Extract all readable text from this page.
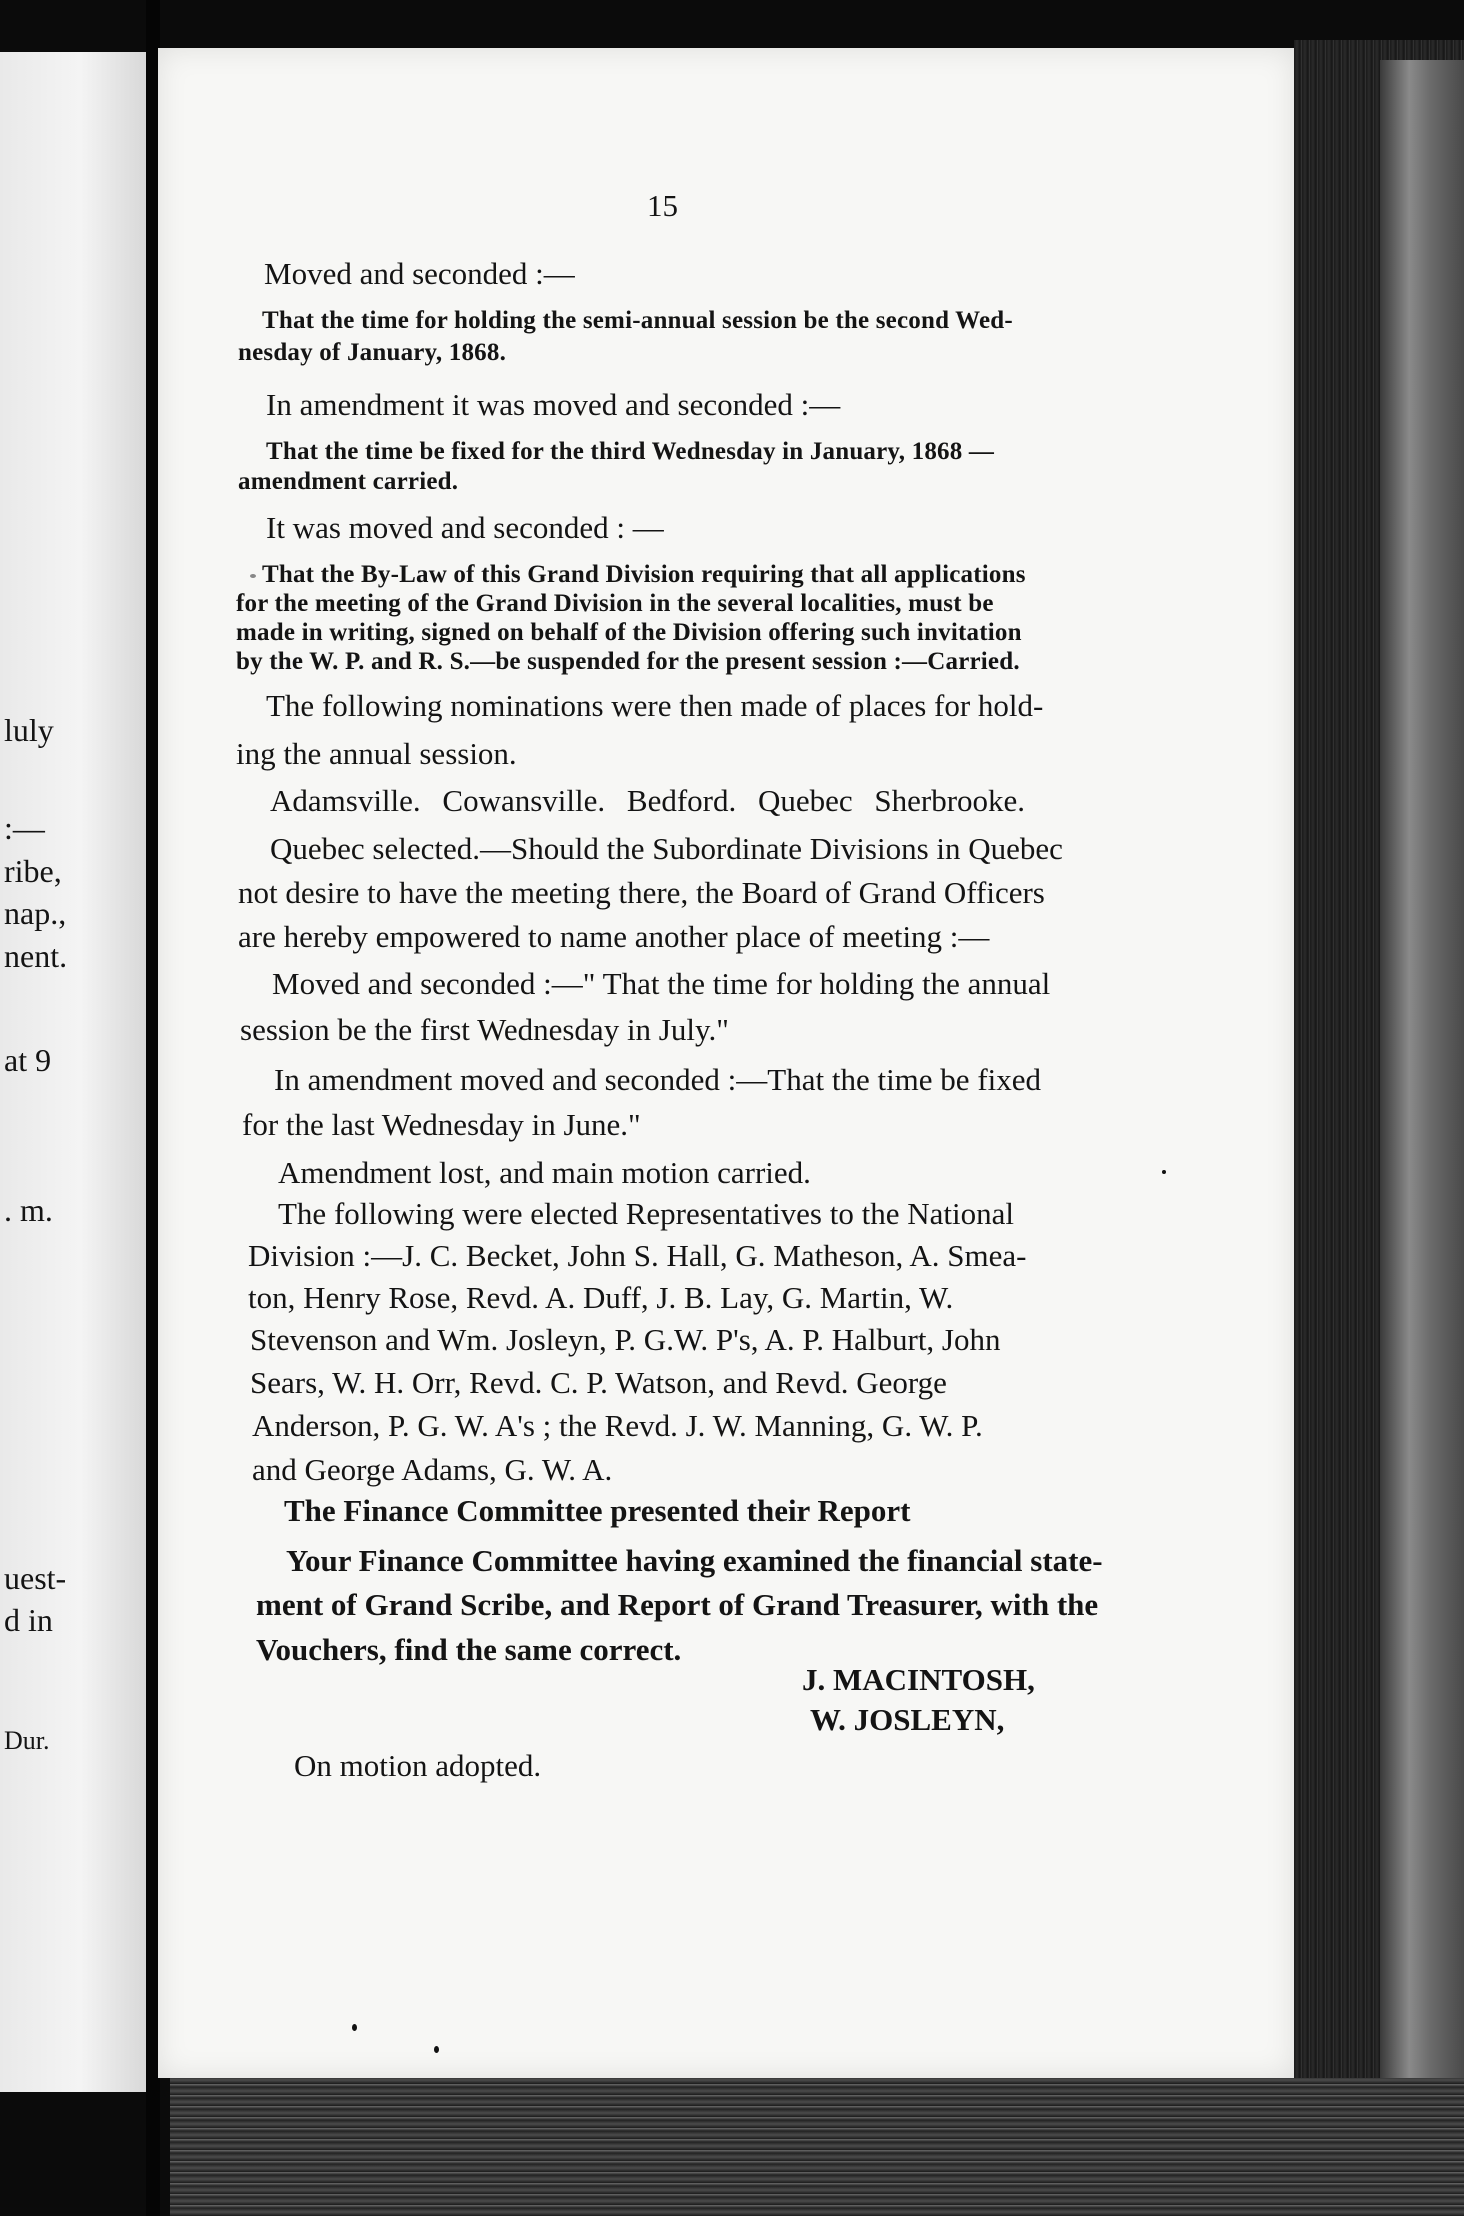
luly
:—
ribe,
nap.,
nent.
at 9
. m.
uest-
d in
Dur.
15
Moved and seconded :—
That the time for holding the semi-annual session be the second Wed-
nesday of January, 1868.
In amendment it was moved and seconded :—
That the time be fixed for the third Wednesday in January, 1868 —
amendment carried.
It was moved and seconded : —
That the By-Law of this Grand Division requiring that all applications
for the meeting of the Grand Division in the several localities, must be
made in writing, signed on behalf of the Division offering such invitation
by the W. P. and R. S.—be suspended for the present session :—Carried.
The following nominations were then made of places for hold-
ing the annual session.
Adamsville. Cowansville. Bedford. Quebec Sherbrooke.
Quebec selected.—Should the Subordinate Divisions in Quebec
not desire to have the meeting there, the Board of Grand Officers
are hereby empowered to name another place of meeting :—
Moved and seconded :—" That the time for holding the annual
session be the first Wednesday in July."
In amendment moved and seconded :—That the time be fixed
for the last Wednesday in June."
Amendment lost, and main motion carried.
The following were elected Representatives to the National
Division :—J. C. Becket, John S. Hall, G. Matheson, A. Smea-
ton, Henry Rose, Revd. A. Duff, J. B. Lay, G. Martin, W.
Stevenson and Wm. Josleyn, P. G.W. P's, A. P. Halburt, John
Sears, W. H. Orr, Revd. C. P. Watson, and Revd. George
Anderson, P. G. W. A's ; the Revd. J. W. Manning, G. W. P.
and George Adams, G. W. A.
The Finance Committee presented their Report
Your Finance Committee having examined the financial state-
ment of Grand Scribe, and Report of Grand Treasurer, with the
Vouchers, find the same correct.
J. MACINTOSH,
W. JOSLEYN,
On motion adopted.
